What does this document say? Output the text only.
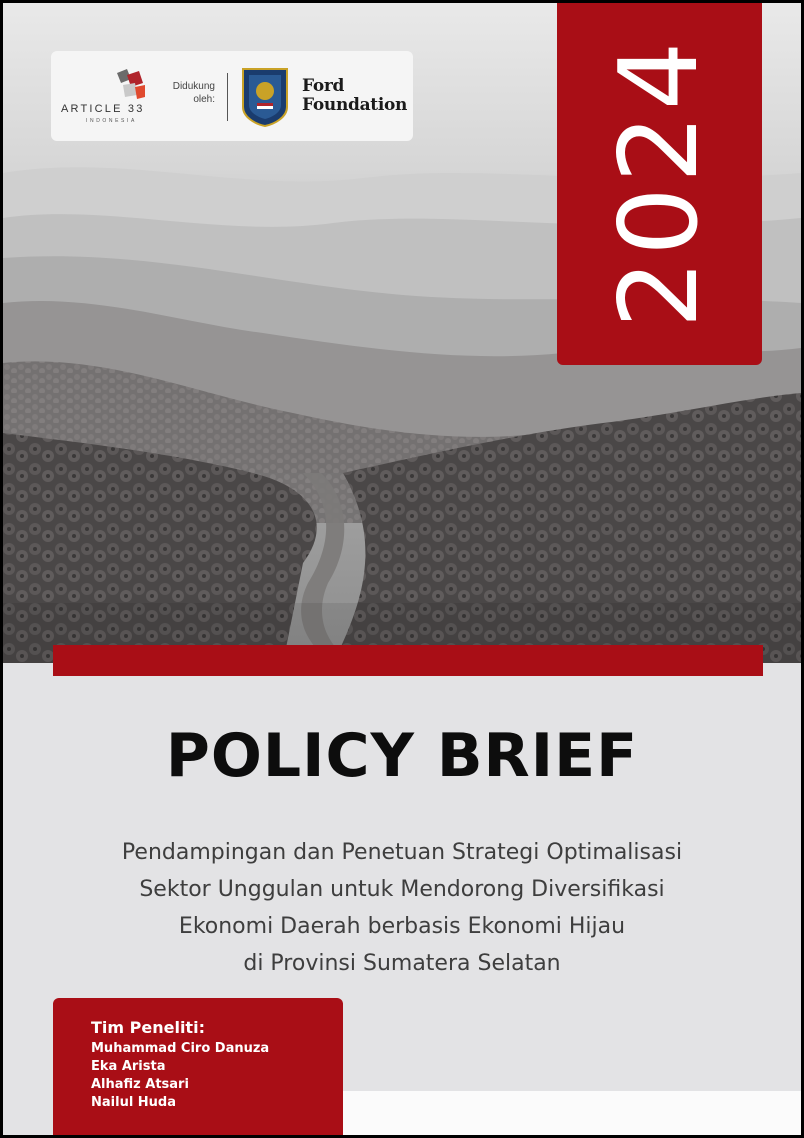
ARTICLE 33
INDONESIA
Didukung
oleh:
Ford
Foundation 2024
POLICY BRIEF
Pendampingan dan Penetuan Strategi Optimalisasi
Sektor Unggulan untuk Mendorong Diversifikasi
Ekonomi Daerah berbasis Ekonomi Hijau
di Provinsi Sumatera Selatan
Tim Peneliti:
Muhammad Ciro Danuza
Eka Arista
Alhafiz Atsari
Nailul Huda
